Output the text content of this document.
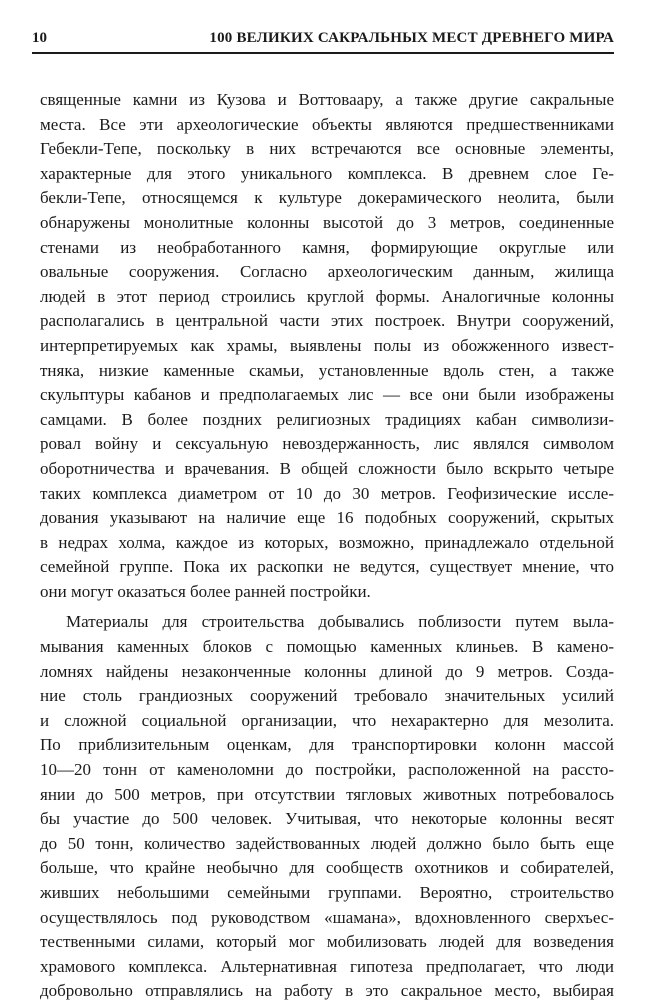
10	100 ВЕЛИКИХ САКРАЛЬНЫХ МЕСТ ДРЕВНЕГО МИРА
священные камни из Кузова и Воттоваару, а также другие сакральные
места. Все эти археологические объекты являются предшественниками
Гебекли-Тепе, поскольку в них встречаются все основные элементы,
характерные для этого уникального комплекса. В древнем слое Ге-
бекли-Тепе, относящемся к культуре докерамического неолита, были
обнаружены монолитные колонны высотой до 3 метров, соединенные
стенами из необработанного камня, формирующие округлые или
овальные сооружения. Согласно археологическим данным, жилища
людей в этот период строились круглой формы. Аналогичные колонны
располагались в центральной части этих построек. Внутри сооружений,
интерпретируемых как храмы, выявлены полы из обожженного извест-
тняка, низкие каменные скамьи, установленные вдоль стен, а также
скульптуры кабанов и предполагаемых лис — все они были изображены
самцами. В более поздних религиозных традициях кабан символизи-
ровал войну и сексуальную невоздержанность, лис являлся символом
оборотничества и врачевания. В общей сложности было вскрыто четыре
таких комплекса диаметром от 10 до 30 метров. Геофизические иссле-
дования указывают на наличие еще 16 подобных сооружений, скрытых
в недрах холма, каждое из которых, возможно, принадлежало отдельной
семейной группе. Пока их раскопки не ведутся, существует мнение, что
они могут оказаться более ранней постройки.
Материалы для строительства добывались поблизости путем выла-
мывания каменных блоков с помощью каменных клиньев. В камено-
ломнях найдены незаконченные колонны длиной до 9 метров. Созда-
ние столь грандиозных сооружений требовало значительных усилий
и сложной социальной организации, что нехарактерно для мезолита.
По приблизительным оценкам, для транспортировки колонн массой
10—20 тонн от каменоломни до постройки, расположенной на рассто-
янии до 500 метров, при отсутствии тягловых животных потребовалось
бы участие до 500 человек. Учитывая, что некоторые колонны весят
до 50 тонн, количество задействованных людей должно было быть еще
больше, что крайне необычно для сообществ охотников и собирателей,
живших небольшими семейными группами. Вероятно, строительство
осуществлялось под руководством «шамана», вдохновленного сверхъес-
тественными силами, который мог мобилизовать людей для возведения
храмового комплекса. Альтернативная гипотеза предполагает, что люди
добровольно отправлялись на работу в это сакральное место, выбирая
